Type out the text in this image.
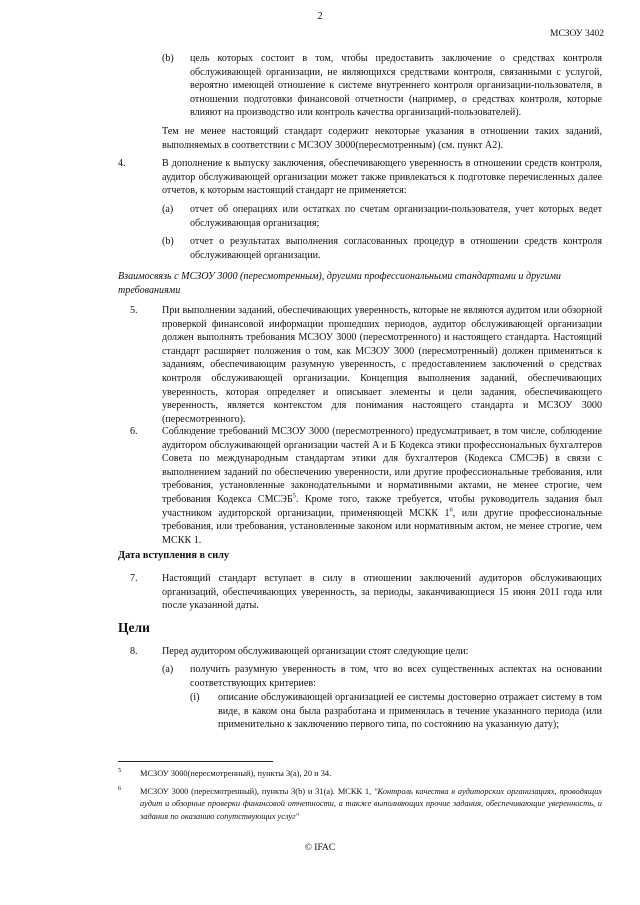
2
МСЗОУ 3402
(b) цель которых состоит в том, чтобы предоставить заключение о средствах контроля обслуживающей организации, не являющихся средствами контроля, связанными с услугой, вероятно имеющей отношение к системе внутреннего контроля организации-пользователя, в отношении подготовки финансовой отчетности (например, о средствах контроля, которые влияют на производство или контроль качества организаций-пользователей).
Тем не менее настоящий стандарт содержит некоторые указания в отношении таких заданий, выполняемых в соответствии с МСЗОУ 3000(пересмотренным) (см. пункт A2).
4.	В дополнение к выпуску заключения, обеспечивающего уверенность в отношении средств контроля, аудитор обслуживающей организации может также привлекаться к подготовке перечисленных далее отчетов, к которым настоящий стандарт не применяется:
(a) отчет об операциях или остатках по счетам организации-пользователя, учет которых ведет обслуживающая организация;
(b) отчет о результатах выполнения согласованных процедур в отношении средств контроля обслуживающей организации.
Взаимосвязь с МСЗОУ 3000 (пересмотренным), другими профессиональными стандартами и другими требованиями
5. При выполнении заданий, обеспечивающих уверенность, которые не являются аудитом или обзорной проверкой финансовой информации прошедших периодов, аудитор обслуживающей организации должен выполнять требования МСЗОУ 3000 (пересмотренного) и настоящего стандарта. Настоящий стандарт расширяет положения о том, как МСЗОУ 3000 (пересмотренный) должен применяться к заданиям, обеспечивающим разумную уверенность, с предоставлением заключений о средствах контроля обслуживающей организации. Концепция выполнения заданий, обеспечивающих уверенность, которая определяет и описывает элементы и цели задания, обеспечивающего уверенность, является контекстом для понимания настоящего стандарта и МСЗОУ 3000 (пересмотренного).
6. Соблюдение требований МСЗОУ 3000 (пересмотренного) предусматривает, в том числе, соблюдение аудитором обслуживающей организации частей A и Б Кодекса этики профессиональных бухгалтеров Совета по международным стандартам этики для бухгалтеров (Кодекса СМСЭБ) в связи с выполнением заданий по обеспечению уверенности, или другие профессиональные требования, или требования, установленные законодательными и нормативными актами, не менее строгие, чем требования Кодекса СМСЭБ$^5$. Кроме того, также требуется, чтобы руководитель задания был участником аудиторской организации, применяющей МСКК $1^6$, или другие профессиональные требования, или требования, установленные законом или нормативным актом, не менее строгие, чем МСКК 1.
Дата вступления в силу
7. Настоящий стандарт вступает в силу в отношении заключений аудиторов обслуживающих организаций, обеспечивающих уверенность, за периоды, заканчивающиеся 15 июня 2011 года или после указанной даты.
Цели
8. Перед аудитором обслуживающей организации стоят следующие цели:
(a) получить разумную уверенность в том, что во всех существенных аспектах на основании соответствующих критериев:
(i) описание обслуживающей организацией ее системы достоверно отражает систему в том виде, в каком она была разработана и применялась в течение указанного периода (или применительно к заключению первого типа, по состоянию на указанную дату);
$^5$ МСЗОУ 3000(пересмотренный), пункты 3(a), 20 и 34.
$^6$ МСЗОУ 3000 (пересмотренный), пункты 3(b) и 31(a). МСКК 1, "Контроль качества в аудиторских организациях, проводящих аудит и обзорные проверки финансовой отчетности, а также выполняющих прочие задания, обеспечивающие уверенность, и задания по оказанию сопутствующих услуг"
© IFAC
